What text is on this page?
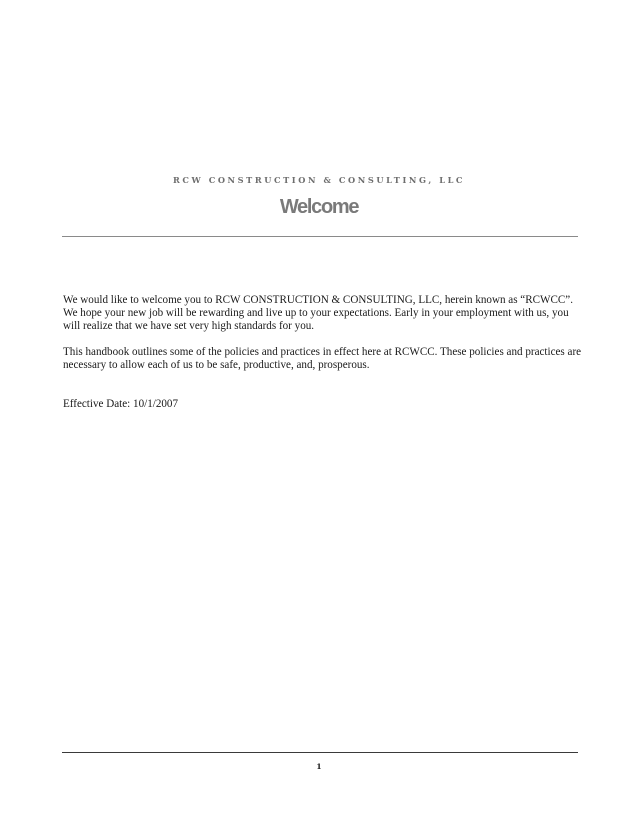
RCW CONSTRUCTION & CONSULTING, LLC
Welcome

We would like to welcome you to RCW CONSTRUCTION & CONSULTING, LLC, herein known as “RCWCC”. We hope your new job will be rewarding and live up to your expectations. Early in your employment with us, you will realize that we have set very high standards for you.

This handbook outlines some of the policies and practices in effect here at RCWCC. These policies and practices are necessary to allow each of us to be safe, productive, and, prosperous.

Effective Date: 10/1/2007

1
